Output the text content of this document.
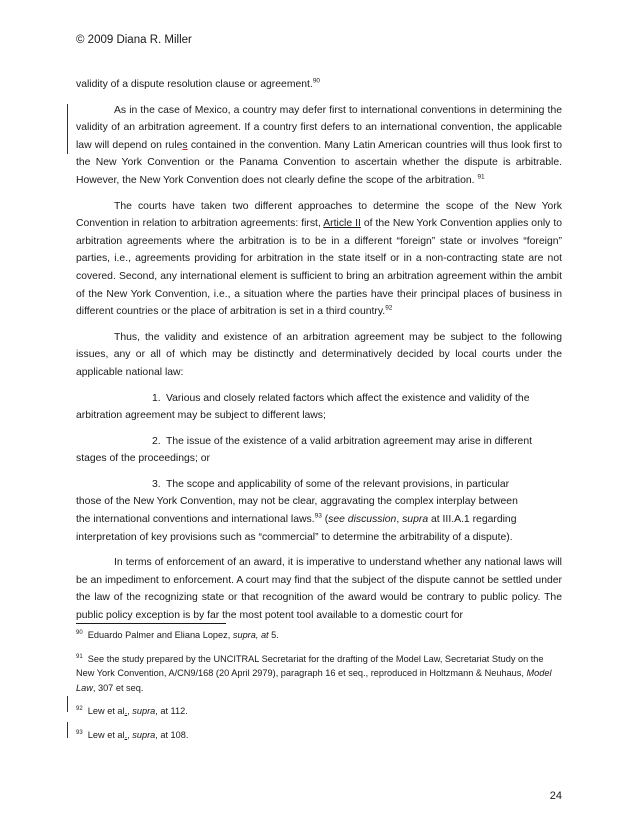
© 2009 Diana R. Miller

validity of a dispute resolution clause or agreement.$^{90}$

As in the case of Mexico, a country may defer first to international conventions in determining the validity of an arbitration agreement. If a country first defers to an international convention, the applicable law will depend on rules contained in the convention. Many Latin American countries will thus look first to the New York Convention or the Panama Convention to ascertain whether the dispute is arbitrable. However, the New York Convention does not clearly define the scope of the arbitration. $^{91}$

The courts have taken two different approaches to determine the scope of the New York Convention in relation to arbitration agreements: first, Article II of the New York Convention applies only to arbitration agreements where the arbitration is to be in a different “foreign” state or involves “foreign” parties, i.e., agreements providing for arbitration in the state itself or in a non-contracting state are not covered. Second, any international element is sufficient to bring an arbitration agreement within the ambit of the New York Convention, i.e., a situation where the parties have their principal places of business in different countries or the place of arbitration is set in a third country.$^{92}$

Thus, the validity and existence of an arbitration agreement may be subject to the following issues, any or all of which may be distinctly and determinatively decided by local courts under the applicable national law:

1. Various and closely related factors which affect the existence and validity of the arbitration agreement may be subject to different laws;

2. The issue of the existence of a valid arbitration agreement may arise in different stages of the proceedings; or

3. The scope and applicability of some of the relevant provisions, in particular those of the New York Convention, may not be clear, aggravating the complex interplay between the international conventions and international laws.$^{93}$ (see discussion, supra at III.A.1 regarding interpretation of key provisions such as “commercial” to determine the arbitrability of a dispute).

In terms of enforcement of an award, it is imperative to understand whether any national laws will be an impediment to enforcement. A court may find that the subject of the dispute cannot be settled under the law of the recognizing state or that recognition of the award would be contrary to public policy. The public policy exception is by far the most potent tool available to a domestic court for

$^{90}$ Eduardo Palmer and Eliana Lopez, supra, at 5.

$^{91}$ See the study prepared by the UNCITRAL Secretariat for the drafting of the Model Law, Secretariat Study on the New York Convention, A/CN9/168 (20 April 2979), paragraph 16 et seq., reproduced in Holtzmann & Neuhaus, Model Law, 307 et seq.

$^{92}$ Lew et al., supra, at 112.

$^{93}$ Lew et al., supra, at 108.

24
